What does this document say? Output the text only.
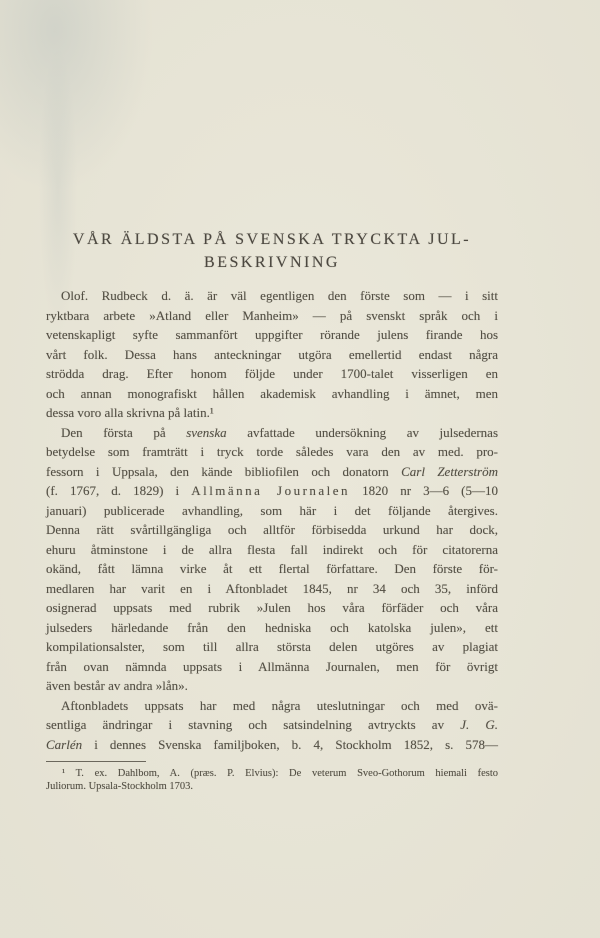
VÅR ÄLDSTA PÅ SVENSKA TRYCKTA JUL-
BESKRIVNING
Olof. Rudbeck d. ä. är väl egentligen den förste som — i sitt
ryktbara arbete »Atland eller Manheim» — på svenskt språk och i
vetenskapligt syfte sammanfört uppgifter rörande julens firande hos
vårt folk. Dessa hans anteckningar utgöra emellertid endast några
strödda drag. Efter honom följde under 1700-talet visserligen en
och annan monografiskt hållen akademisk avhandling i ämnet, men
dessa voro alla skrivna på latin.¹
Den första på svenska avfattade undersökning av julsedernas
betydelse som framträtt i tryck torde således vara den av med. pro-
fessorn i Uppsala, den kände bibliofilen och donatorn Carl Zetterström
(f. 1767, d. 1829) i Allmänna Journalen 1820 nr 3—6 (5—10
januari) publicerade avhandling, som här i det följande återgives.
Denna rätt svårtillgängliga och alltför förbisedda urkund har dock,
ehuru åtminstone i de allra flesta fall indirekt och för citatorerna
okänd, fått lämna virke åt ett flertal författare. Den förste för-
medlaren har varit en i Aftonbladet 1845, nr 34 och 35, införd
osignerad uppsats med rubrik »Julen hos våra förfäder och våra
julseders härledande från den hedniska och katolska julen», ett
kompilationsalster, som till allra största delen utgöres av plagiat
från ovan nämnda uppsats i Allmänna Journalen, men för övrigt
även består av andra »lån».
Aftonbladets uppsats har med några uteslutningar och med ovä-
sentliga ändringar i stavning och satsindelning avtryckts av J. G.
Carlén i dennes Svenska familjboken, b. 4, Stockholm 1852, s. 578—
¹ T. ex. Dahlbom, A. (præs. P. Elvius): De veterum Sveo-Gothorum hiemali festo
Juliorum. Upsala-Stockholm 1703.
